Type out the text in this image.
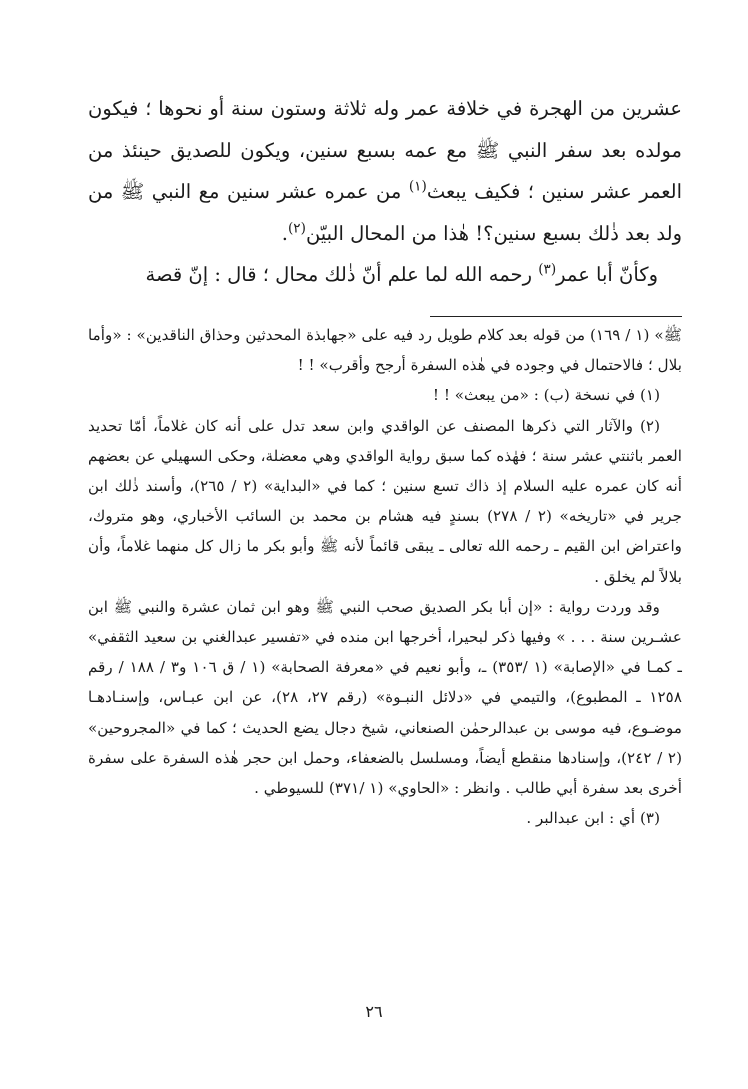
عشرين من الهجرة في خلافة عمر وله ثلاثة وستون سنة أو نحوها ؛ فيكون مولده بعد سفر النبي ﷺ مع عمه بسبع سنين، ويكون للصديق حينئذ من العمر عشر سنين ؛ فكيف يبعث$^{(١)}$ من عمره عشر سنين مع النبي ﷺ من ولد بعد ذٰلك بسبع سنين؟! هٰذا من المحال البيّن$^{(٢)}$.

وكأنّ أبا عمر$^{(٣)}$ رحمه الله لما علم أنّ ذٰلك محال ؛ قال : إنّ قصة

ﷺ» (١ / ١٦٩) من قوله بعد كلام طويل رد فيه على «جهابذة المحدثين وحذاق الناقدين» : «وأما بلال ؛ فالاحتمال في وجوده في هٰذه السفرة أرجح وأقرب» ! !

(١) في نسخة (ب) : «من يبعث» ! !

(٢) والآثار التي ذكرها المصنف عن الواقدي وابن سعد تدل على أنه كان غلاماً، أمّا تحديد العمر باثنتي عشر سنة ؛ فهٰذه كما سبق رواية الواقدي وهي معضلة، وحكى السهيلي عن بعضهم أنه كان عمره عليه السلام إذ ذاك تسع سنين ؛ كما في «البداية» (٢ / ٢٦٥)، وأسند ذٰلك ابن جرير في «تاريخه» (٢ / ٢٧٨) بسندٍ فيه هشام بن محمد بن السائب الأخباري، وهو متروك، واعتراض ابن القيم ـ رحمه الله تعالى ـ يبقى قائماً لأنه ﷺ وأبو بكر ما زال كل منهما غلاماً، وأن بلالاً لم يخلق .

وقد وردت رواية : «إن أبا بكر الصديق صحب النبي ﷺ وهو ابن ثمان عشرة والنبي ﷺ ابن عشـرين سنة . . . » وفيها ذكر لبحيرا، أخرجها ابن منده في «تفسير عبدالغني بن سعيد الثقفي» ـ كمـا في «الإصابة» (١ /٣٥٣) ـ، وأبو نعيم في «معرفة الصحابة» (١ / ق ١٠٦ و٣ / ١٨٨ / رقم ١٢٥٨ ـ المطبوع)، والتيمي في «دلائل النبـوة» (رقم ٢٧، ٢٨)، عن ابن عبـاس، وإسنـادهـا موضـوع، فيه موسى بن عبدالرحمٰن الصنعاني، شيخ دجال يضع الحديث ؛ كما في «المجروحين» (٢ / ٢٤٢)، وإسنادها منقطع أيضاً، ومسلسل بالضعفاء، وحمل ابن حجر هٰذه السفرة على سفرة أخرى بعد سفرة أبي طالب . وانظر : «الحاوي» (١ /٣٧١) للسيوطي .

(٣) أي : ابن عبدالبر .

٢٦
